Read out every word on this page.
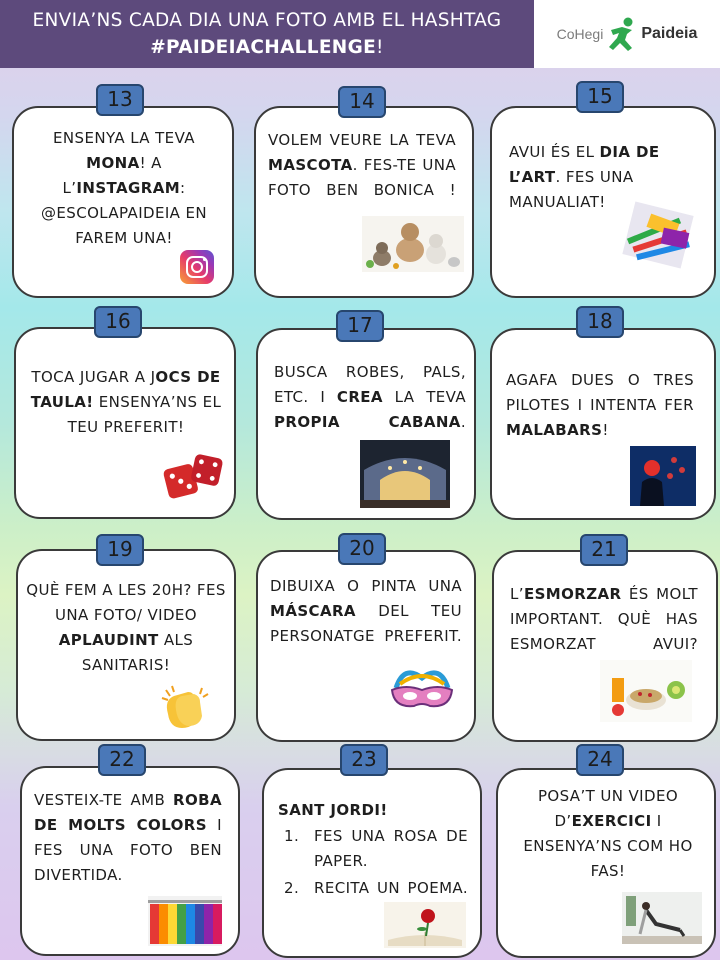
ENVIA’NS CADA DIA UNA FOTO AMB EL HASHTAG
#PAIDEIACHALLENGE!
CoHegi Paideia
13
ENSENYA LA TEVA MONA! A L’INSTAGRAM: @ESCOLAPAIDEIA EN FAREM UNA!
14
VOLEM VEURE LA TEVA MASCOTA. FES-TE UNA FOTO BEN BONICA !
15
AVUI ÉS EL DIA DE L’ART. FES UNA MANUALIAT!
16
TOCA JUGAR A JOCS DE TAULA! ENSENYA’NS EL TEU PREFERIT!
17
BUSCA ROBES, PALS, ETC. I CREA LA TEVA PROPIA CABANA.
18
AGAFA DUES O TRES PILOTES I INTENTA FER MALABARS!
19
QUÈ FEM A LES 20H? FES UNA FOTO/ VIDEO APLAUDINT ALS SANITARIS!
20
DIBUIXA O PINTA UNA MÁSCARA DEL TEU PERSONATGE PREFERIT.
21
L’ESMORZAR ÉS MOLT IMPORTANT. QUÈ HAS ESMORZAT AVUI?
22
VESTEIX-TE AMB ROBA DE MOLTS COLORS I FES UNA FOTO BEN DIVERTIDA.
23
SANT JORDI!
1. FES UNA ROSA DE PAPER.
2. RECITA UN POEMA.
24
POSA’T UN VIDEO D’EXERCICI I ENSENYA’NS COM HO FAS!
